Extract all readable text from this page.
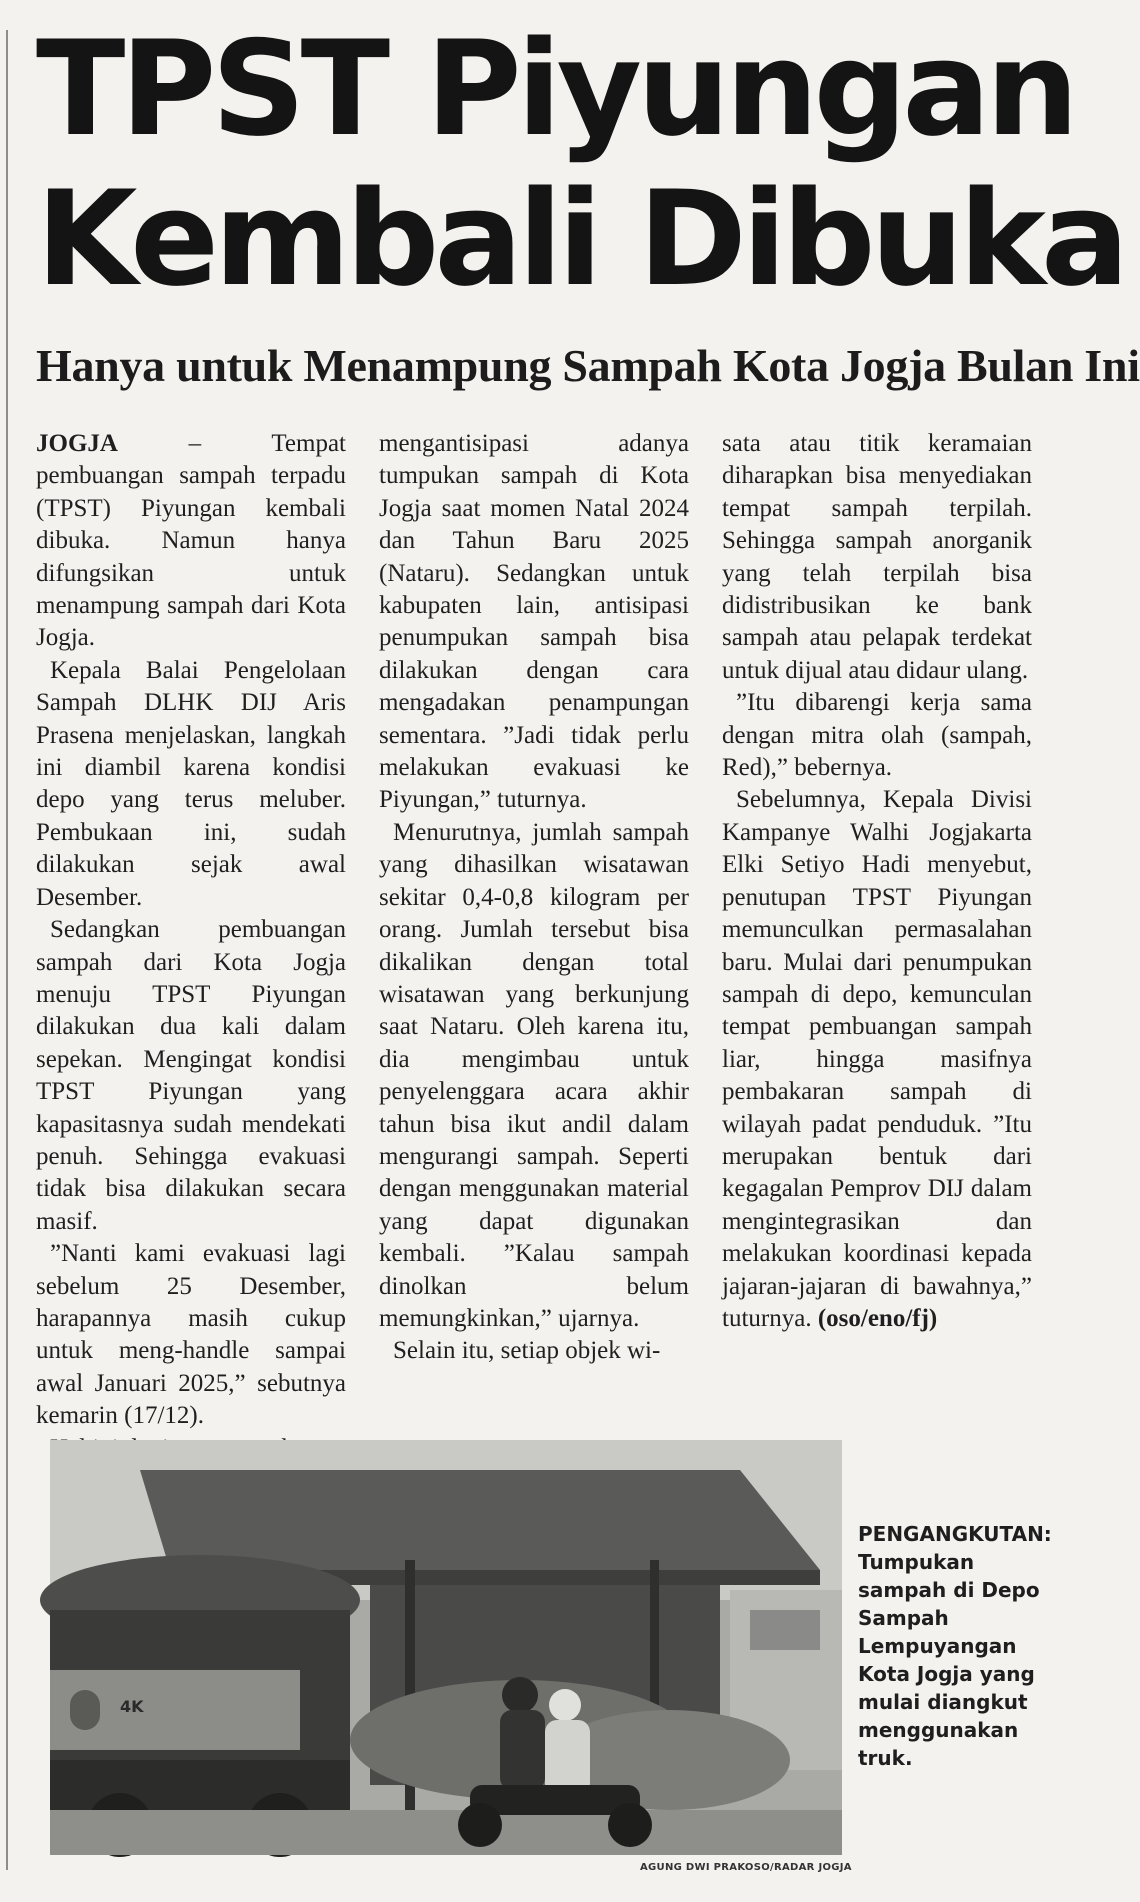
TPST Piyungan
Kembali Dibuka
Hanya untuk Menampung Sampah Kota Jogja Bulan Ini

JOGJA – Tempat pembuangan sampah terpadu (TPST) Piyungan kembali dibuka. Namun hanya difungsikan untuk menampung sampah dari Kota Jogja.

Kepala Balai Pengelolaan Sampah DLHK DIJ Aris Prasena menjelaskan, langkah ini diambil karena kondisi depo yang terus meluber. Pembukaan ini, sudah dilakukan sejak awal Desember.

Sedangkan pembuangan sampah dari Kota Jogja menuju TPST Piyungan dilakukan dua kali dalam sepekan. Mengingat kondisi TPST Piyungan yang kapasitasnya sudah mendekati penuh. Sehingga evakuasi tidak bisa dilakukan secara masif.

”Nanti kami evakuasi lagi sebelum 25 Desember, harapannya masih cukup untuk meng-handle sampai awal Januari 2025,” sebutnya kemarin (17/12).

mengantisipasi adanya tumpukan sampah di Kota Jogja saat momen Natal 2024 dan Tahun Baru 2025 (Nataru). Sedangkan untuk kabupaten lain, antisipasi penumpukan sampah bisa dilakukan dengan cara mengadakan penampungan sementara. ”Jadi tidak perlu melakukan evakuasi ke Piyungan,” tuturnya.

Menurutnya, jumlah sampah yang dihasilkan wisatawan sekitar 0,4-0,8 kilogram per orang. Jumlah tersebut bisa dikalikan dengan total wisatawan yang berkunjung saat Nataru. Oleh karena itu, dia mengimbau untuk penyelenggara acara akhir tahun bisa ikut andil dalam mengurangi sampah. Seperti dengan menggunakan material yang dapat digunakan kembali. ”Kalau sampah dinolkan belum memungkinkan,” ujarnya.

Selain itu, setiap objek wi-

sata atau titik keramaian diharapkan bisa menyediakan tempat sampah terpilah. Sehingga sampah anorganik yang telah terpilah bisa didistribusikan ke bank sampah atau pelapak terdekat untuk dijual atau didaur ulang.

”Itu dibarengi kerja sama dengan mitra olah (sampah, Red),” bebernya.

Sebelumnya, Kepala Divisi Kampanye Walhi Jogjakarta Elki Setiyo Hadi menyebut, penutupan TPST Piyungan memunculkan permasalahan baru. Mulai dari penumpukan sampah di depo, kemunculan tempat pembuangan sampah liar, hingga masifnya pembakaran sampah di wilayah padat penduduk. ”Itu merupakan bentuk dari kegagalan Pemprov DIJ dalam mengintegrasikan dan melakukan koordinasi kepada jajaran-jajaran di bawahnya,” tuturnya. (oso/eno/fj)

4K
PENGANGKUTAN:
Tumpukan sampah di Depo Sampah Lempuyangan Kota Jogja yang mulai diangkut menggunakan truk.
AGUNG DWI PRAKOSO/RADAR JOGJA
